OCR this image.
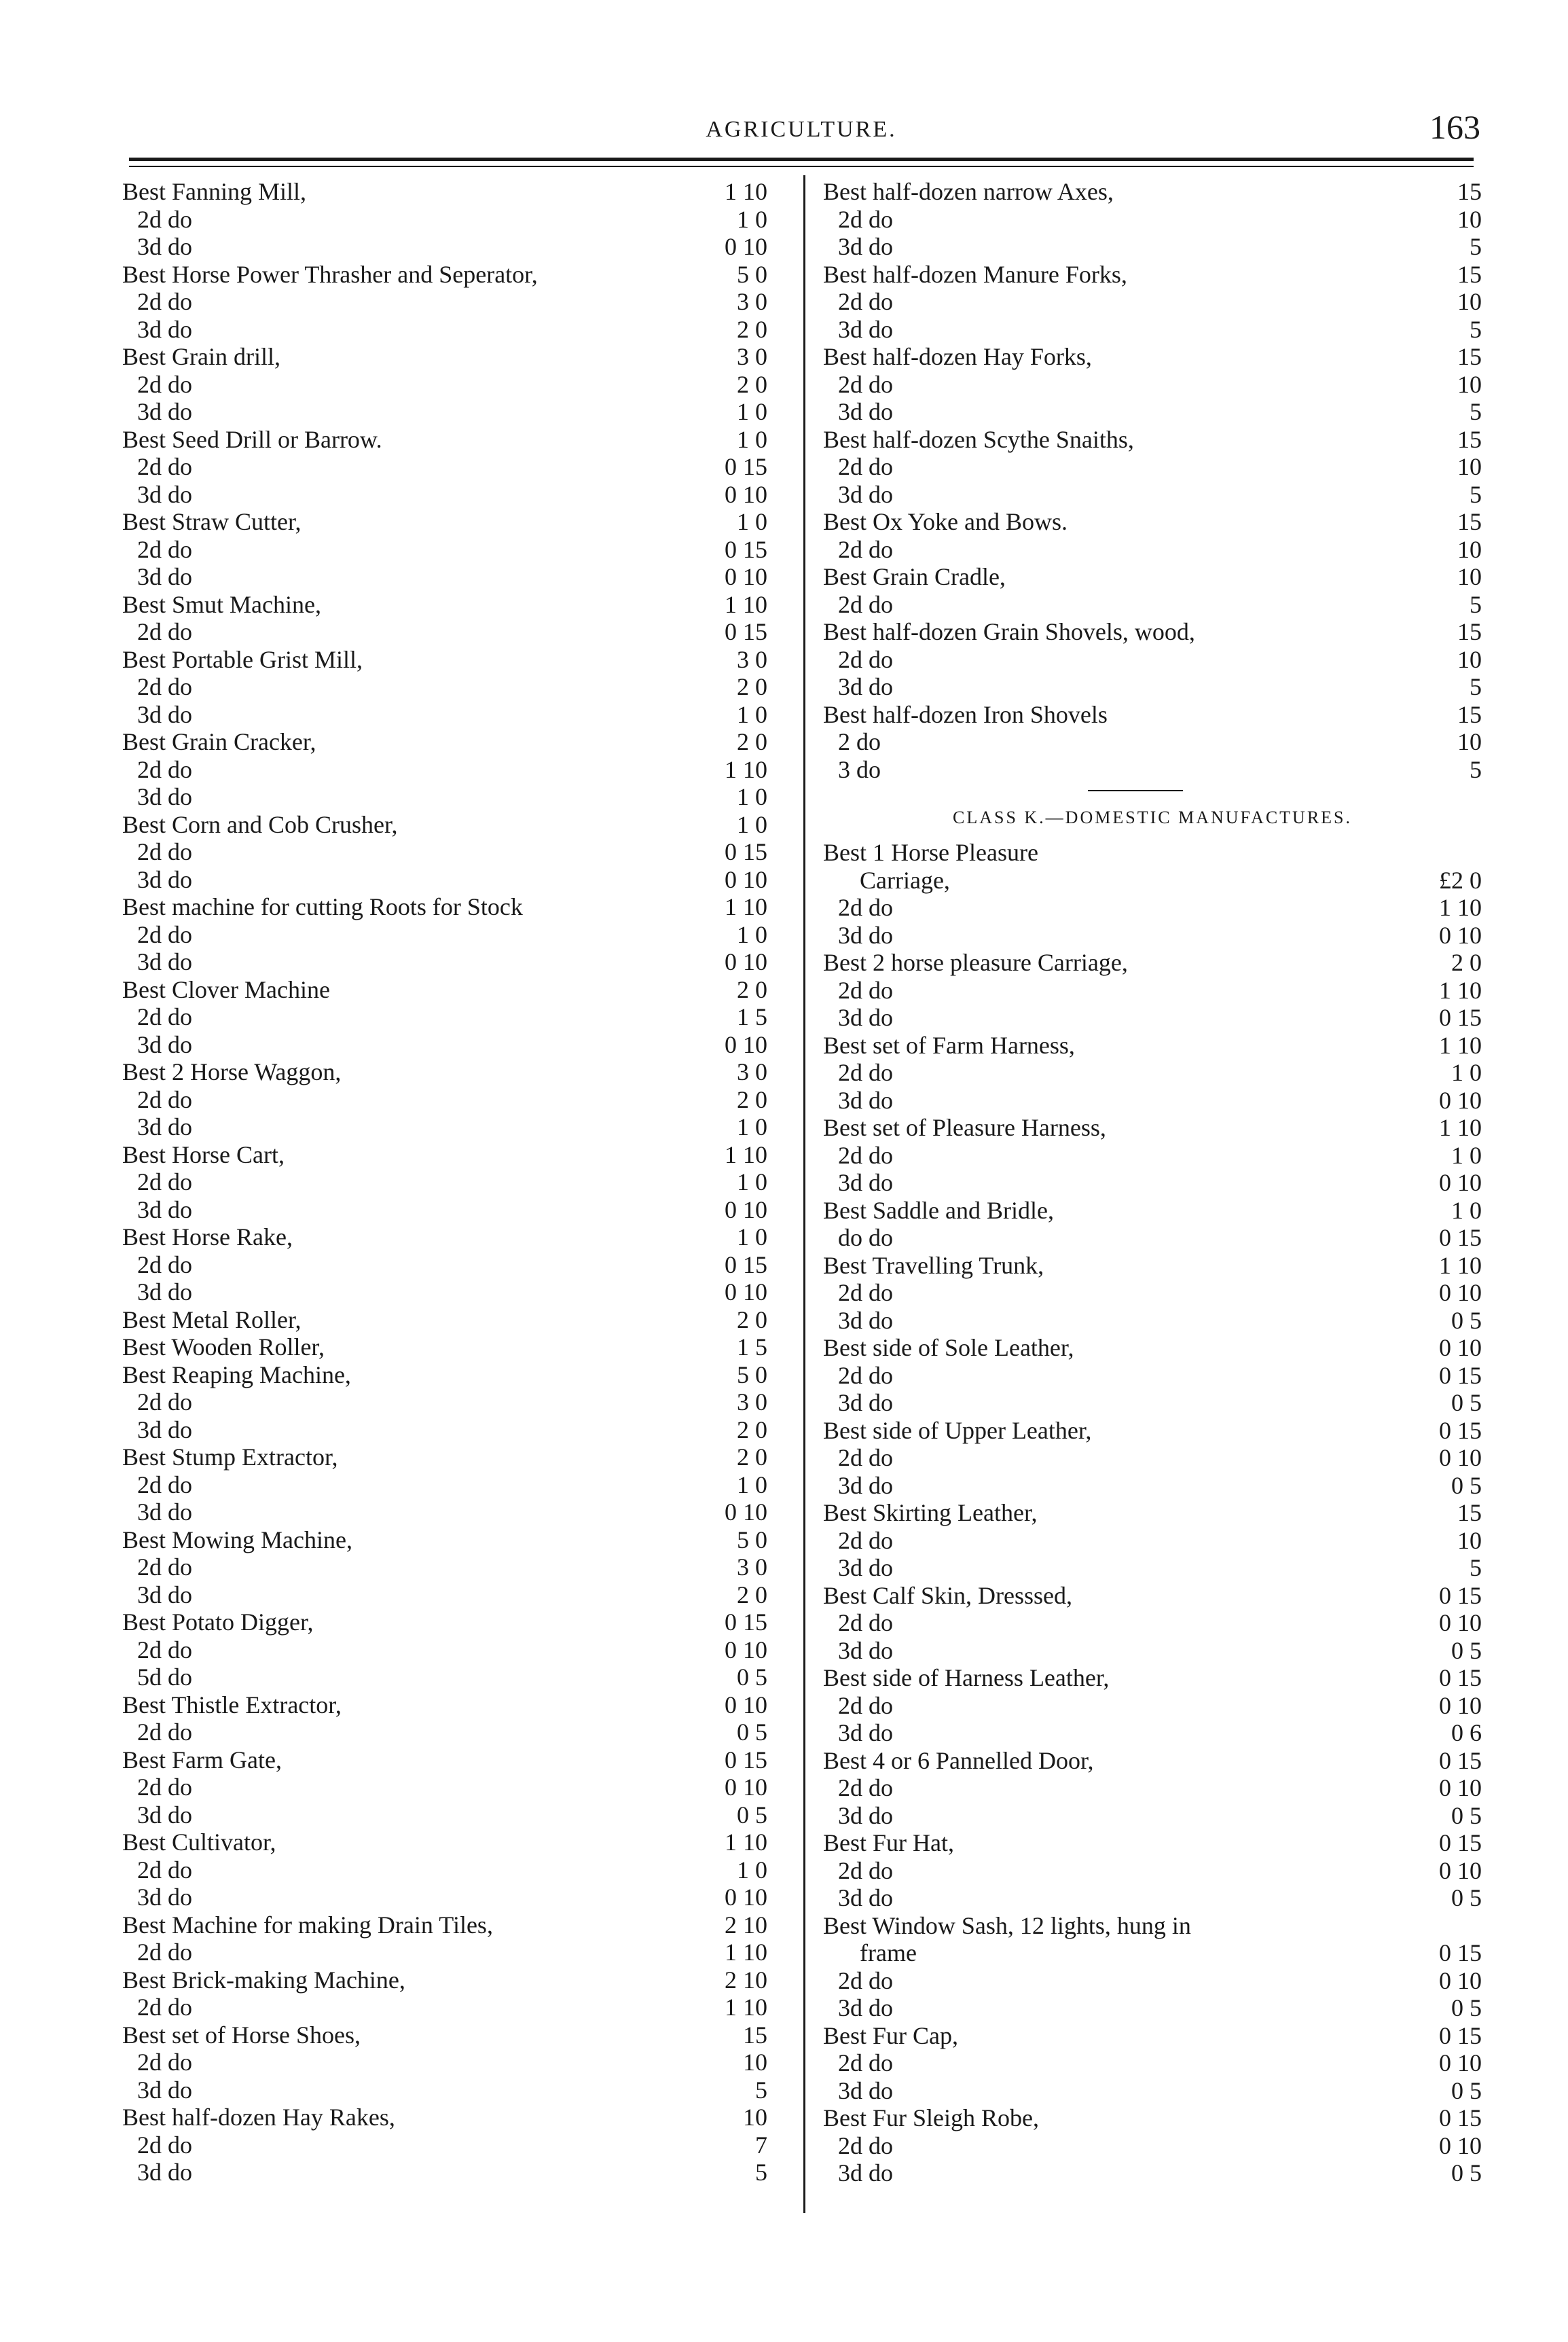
AGRICULTURE.	163
Best Fanning Mill,	1 10
2d do	1 0
3d do	0 10
Best Horse Power Thrasher and Seperator,	5 0
2d do	3 0
3d do	2 0
Best Grain drill,	3 0
2d do	2 0
3d do	1 0
Best Seed Drill or Barrow.	1 0
2d do	0 15
3d do	0 10
Best Straw Cutter,	1 0
2d do	0 15
3d do	0 10
Best Smut Machine,	1 10
2d do	0 15
Best Portable Grist Mill,	3 0
2d do	2 0
3d do	1 0
Best Grain Cracker,	2 0
2d do	1 10
3d do	1 0
Best Corn and Cob Crusher,	1 0
2d do	0 15
3d do	0 10
Best machine for cutting Roots for Stock	1 10
2d do	1 0
3d do	0 10
Best Clover Machine	2 0
2d do	1 5
3d do	0 10
Best 2 Horse Waggon,	3 0
2d do	2 0
3d do	1 0
Best Horse Cart,	1 10
2d do	1 0
3d do	0 10
Best Horse Rake,	1 0
2d do	0 15
3d do	0 10
Best Metal Roller,	2 0
Best Wooden Roller,	1 5
Best Reaping Machine,	5 0
2d do	3 0
3d do	2 0
Best Stump Extractor,	2 0
2d do	1 0
3d do	0 10
Best Mowing Machine,	5 0
2d do	3 0
3d do	2 0
Best Potato Digger,	0 15
2d do	0 10
5d do	0 5
Best Thistle Extractor,	0 10
2d do	0 5
Best Farm Gate,	0 15
2d do	0 10
3d do	0 5
Best Cultivator,	1 10
2d do	1 0
3d do	0 10
Best Machine for making Drain Tiles,	2 10
2d do	1 10
Best Brick-making Machine,	2 10
2d do	1 10
Best set of Horse Shoes,	15
2d do	10
3d do	5
Best half-dozen Hay Rakes,	10
2d do	7
3d do	5
Best half-dozen narrow Axes,	15
2d do	10
3d do	5
Best half-dozen Manure Forks,	15
2d do	10
3d do	5
Best half-dozen Hay Forks,	15
2d do	10
3d do	5
Best half-dozen Scythe Snaiths,	15
2d do	10
3d do	5
Best Ox Yoke and Bows.	15
2d do	10
Best Grain Cradle,	10
2d do	5
Best half-dozen Grain Shovels, wood,	15
2d do	10
3d do	5
Best half-dozen Iron Shovels	15
2 do	10
3 do	5
CLASS K.—DOMESTIC MANUFACTURES.
Best 1 Horse Pleasure
Carriage,	£2 0
2d do	1 10
3d do	0 10
Best 2 horse pleasure Carriage,	2 0
2d do	1 10
3d do	0 15
Best set of Farm Harness,	1 10
2d do	1 0
3d do	0 10
Best set of Pleasure Harness,	1 10
2d do	1 0
3d do	0 10
Best Saddle and Bridle,	1 0
do do	0 15
Best Travelling Trunk,	1 10
2d do	0 10
3d do	0 5
Best side of Sole Leather,	0 10
2d do	0 15
3d do	0 5
Best side of Upper Leather,	0 15
2d do	0 10
3d do	0 5
Best Skirting Leather,	15
2d do	10
3d do	5
Best Calf Skin, Dresssed,	0 15
2d do	0 10
3d do	0 5
Best side of Harness Leather,	0 15
2d do	0 10
3d do	0 6
Best 4 or 6 Pannelled Door,	0 15
2d do	0 10
3d do	0 5
Best Fur Hat,	0 15
2d do	0 10
3d do	0 5
Best Window Sash, 12 lights, hung in
frame	0 15
2d do	0 10
3d do	0 5
Best Fur Cap,	0 15
2d do	0 10
3d do	0 5
Best Fur Sleigh Robe,	0 15
2d do	0 10
3d do	0 5
